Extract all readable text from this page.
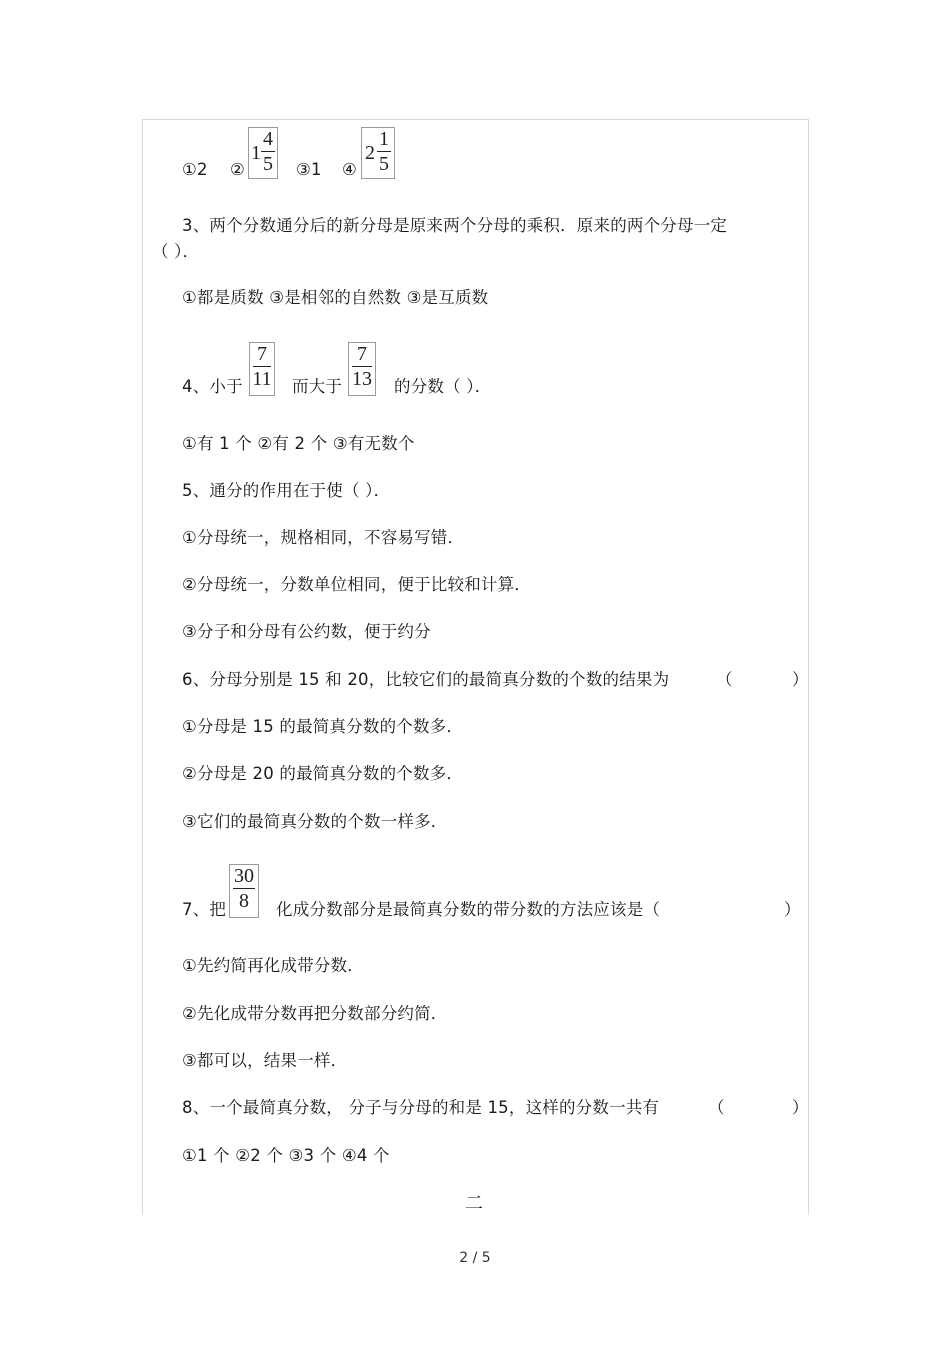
①2 ②
1
4
5 ③1 ④
2
1
5
3、两个分数通分后的新分母是原来两个分母的乘积．原来的两个分母一定
（ ）．
①都是质数 ③是相邻的自然数 ③是互质数
4、小于
7
11 而大于
7
13 的分数（ ）．
①有 1 个 ②有 2 个 ③有无数个
5、通分的作用在于使（ ）．
①分母统一，规格相同，不容易写错．
②分母统一，分数单位相同，便于比较和计算．
③分子和分母有公约数，便于约分
6、分母分别是 15 和 20，比较它们的最简真分数的个数的结果为	（	）
①分母是 15 的最简真分数的个数多．
②分母是 20 的最简真分数的个数多．
③它们的最简真分数的个数一样多．
7、把
30
8 化成分数部分是最简真分数的带分数的方法应该是（	）
①先约简再化成带分数．
②先化成带分数再把分数部分约简．
③都可以，结果一样．
8、一个最简真分数， 分子与分母的和是 15，这样的分数一共有	（	）
①1 个 ②2 个 ③3 个 ④4 个
二
2 / 5
